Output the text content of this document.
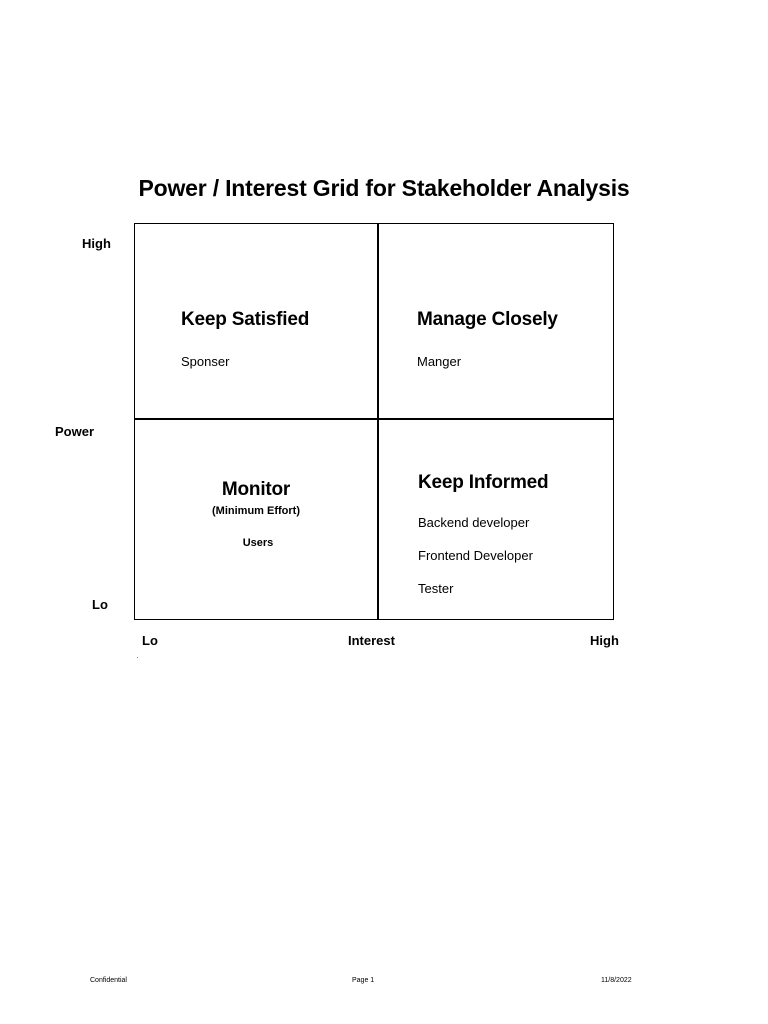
Power / Interest Grid for Stakeholder Analysis
High
Power
Lo
Keep Satisfied
Sponser
Manage Closely
Manger
Monitor
(Minimum Effort)
Users
Keep Informed
Backend developer
Frontend Developer
Tester
Lo	Interest	High
Confidential	Page 1	11/8/2022
